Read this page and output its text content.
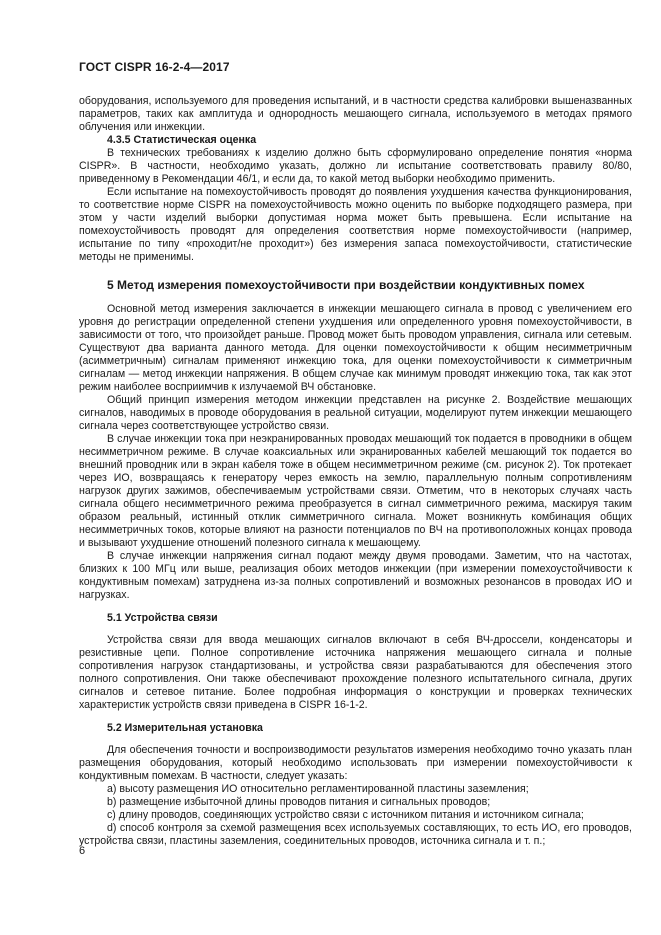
ГОСТ CISPR 16-2-4—2017

оборудования, используемого для проведения испытаний, и в частности средства калибровки вышеназванных параметров, таких как амплитуда и однородность мешающего сигнала, используемого в методах прямого облучения или инжекции.

4.3.5 Статистическая оценка

В технических требованиях к изделию должно быть сформулировано определение понятия «норма CISPR». В частности, необходимо указать, должно ли испытание соответствовать правилу 80/80, приведенному в Рекомендации 46/1, и если да, то какой метод выборки необходимо применить.

Если испытание на помехоустойчивость проводят до появления ухудшения качества функционирования, то соответствие норме CISPR на помехоустойчивость можно оценить по выборке подходящего размера, при этом у части изделий выборки допустимая норма может быть превышена. Если испытание на помехоустойчивость проводят для определения соответствия норме помехоустойчивости (например, испытание по типу «проходит/не проходит») без измерения запаса помехоустойчивости, статистические методы не применимы.

5 Метод измерения помехоустойчивости при воздействии кондуктивных помех

Основной метод измерения заключается в инжекции мешающего сигнала в провод с увеличением его уровня до регистрации определенной степени ухудшения или определенного уровня помехоустойчивости, в зависимости от того, что произойдет раньше. Провод может быть проводом управления, сигнала или сетевым. Существуют два варианта данного метода. Для оценки помехоустойчивости к общим несимметричным (асимметричным) сигналам применяют инжекцию тока, для оценки помехоустойчивости к симметричным сигналам — метод инжекции напряжения. В общем случае как минимум проводят инжекцию тока, так как этот режим наиболее восприимчив к излучаемой ВЧ обстановке.

Общий принцип измерения методом инжекции представлен на рисунке 2. Воздействие мешающих сигналов, наводимых в проводе оборудования в реальной ситуации, моделируют путем инжекции мешающего сигнала через соответствующее устройство связи.

В случае инжекции тока при неэкранированных проводах мешающий ток подается в проводники в общем несимметричном режиме. В случае коаксиальных или экранированных кабелей мешающий ток подается во внешний проводник или в экран кабеля тоже в общем несимметричном режиме (см. рисунок 2). Ток протекает через ИО, возвращаясь к генератору через емкость на землю, параллельную полным сопротивлениям нагрузок других зажимов, обеспечиваемым устройствами связи. Отметим, что в некоторых случаях часть сигнала общего несимметричного режима преобразуется в сигнал симметричного режима, маскируя таким образом реальный, истинный отклик симметричного сигнала. Может возникнуть комбинация общих несимметричных токов, которые влияют на разности потенциалов по ВЧ на противоположных концах провода и вызывают ухудшение отношений полезного сигнала к мешающему.

В случае инжекции напряжения сигнал подают между двумя проводами. Заметим, что на частотах, близких к 100 МГц или выше, реализация обоих методов инжекции (при измерении помехоустойчивости к кондуктивным помехам) затруднена из-за полных сопротивлений и возможных резонансов в проводах ИО и нагрузках.

5.1 Устройства связи

Устройства связи для ввода мешающих сигналов включают в себя ВЧ-дроссели, конденсаторы и резистивные цепи. Полное сопротивление источника напряжения мешающего сигнала и полные сопротивления нагрузок стандартизованы, и устройства связи разрабатываются для обеспечения этого полного сопротивления. Они также обеспечивают прохождение полезного испытательного сигнала, других сигналов и сетевое питание. Более подробная информация о конструкции и проверках технических характеристик устройств связи приведена в CISPR 16-1-2.

5.2 Измерительная установка

Для обеспечения точности и воспроизводимости результатов измерения необходимо точно указать план размещения оборудования, который необходимо использовать при измерении помехоустойчивости к кондуктивным помехам. В частности, следует указать:

а) высоту размещения ИО относительно регламентированной пластины заземления;

b) размещение избыточной длины проводов питания и сигнальных проводов;

c) длину проводов, соединяющих устройство связи с источником питания и источником сигнала;

d) способ контроля за схемой размещения всех используемых составляющих, то есть ИО, его проводов, устройства связи, пластины заземления, соединительных проводов, источника сигнала и т. п.;

6
